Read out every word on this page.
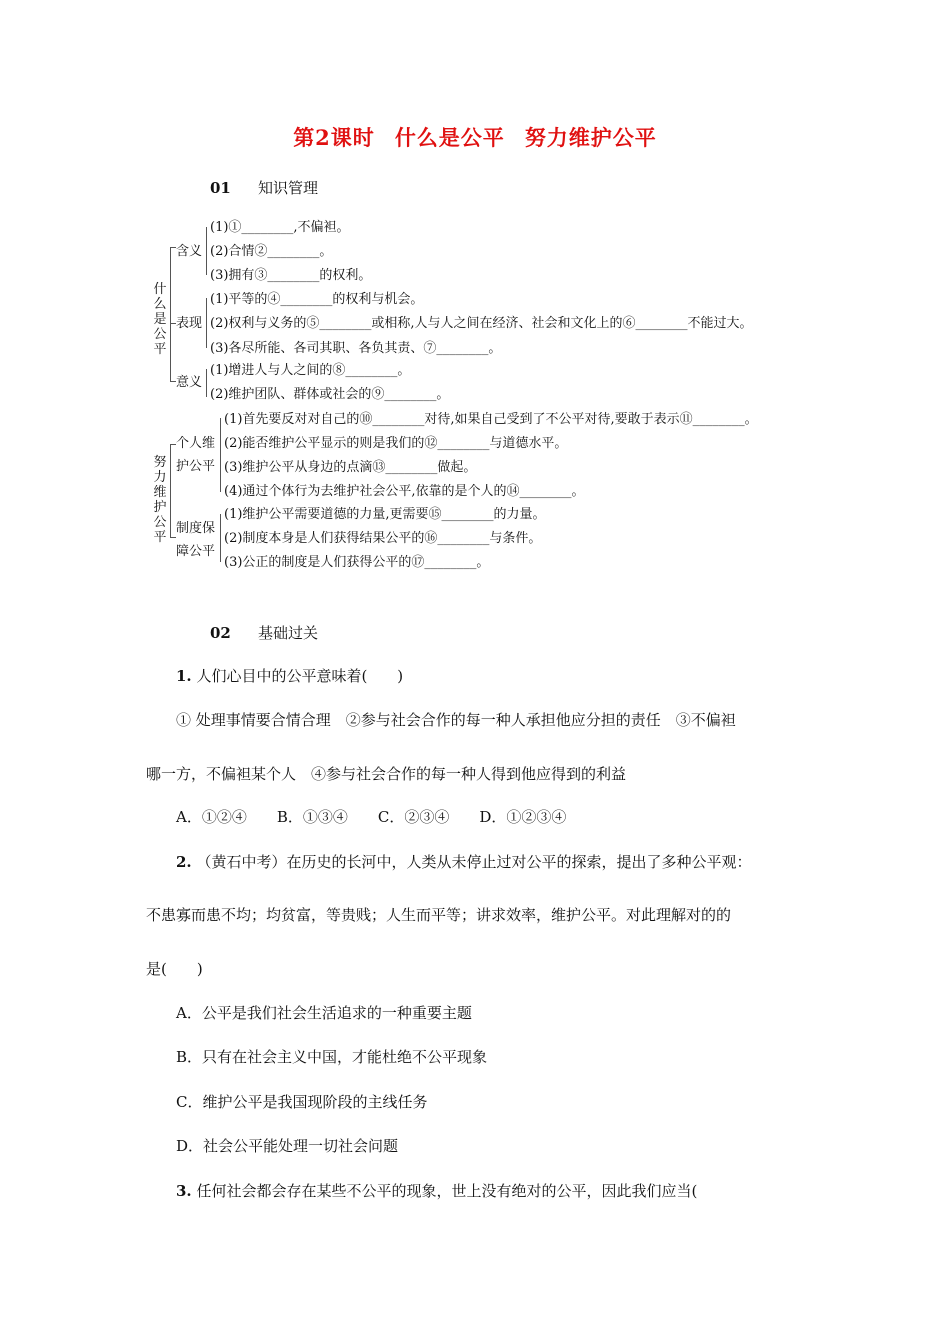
第2课时 什么是公平 努力维护公平
01 知识管理
什么是公平
含义
(1)①________,不偏袒。
(2)合情②________。
(3)拥有③________的权利。
表现
(1)平等的④________的权利与机会。
(2)权利与义务的⑤________或相称,人与人之间在经济、社会和文化上的⑥________不能过大。
(3)各尽所能、各司其职、各负其责、⑦________。
意义
(1)增进人与人之间的⑧________。
(2)维护团队、群体或社会的⑨________。
努力维护公平
个人维
护公平
(1)首先要反对对自己的⑩________对待,如果自己受到了不公平对待,要敢于表示⑪________。
(2)能否维护公平显示的则是我们的⑫________与道德水平。
(3)维护公平从身边的点滴⑬________做起。
(4)通过个体行为去维护社会公平,依靠的是个人的⑭________。
制度保
障公平
(1)维护公平需要道德的力量,更需要⑮________的力量。
(2)制度本身是人们获得结果公平的⑯________与条件。
(3)公正的制度是人们获得公平的⑰________。
02 基础过关
1. 人们心目中的公平意味着(　　)
① 处理事情要合情合理　②参与社会合作的每一种人承担他应分担的责任　③不偏袒
哪一方，不偏袒某个人　④参与社会合作的每一种人得到他应得到的利益
A．①②④　　B．①③④　　C．②③④　　D．①②③④
2. （黄石中考）在历史的长河中，人类从未停止过对公平的探索，提出了多种公平观：
不患寡而患不均；均贫富，等贵贱；人生而平等；讲求效率，维护公平。对此理解对的的
是(　　)
A．公平是我们社会生活追求的一种重要主题
B．只有在社会主义中国，才能杜绝不公平现象
C．维护公平是我国现阶段的主线任务
D．社会公平能处理一切社会问题
3. 任何社会都会存在某些不公平的现象，世上没有绝对的公平，因此我们应当(
